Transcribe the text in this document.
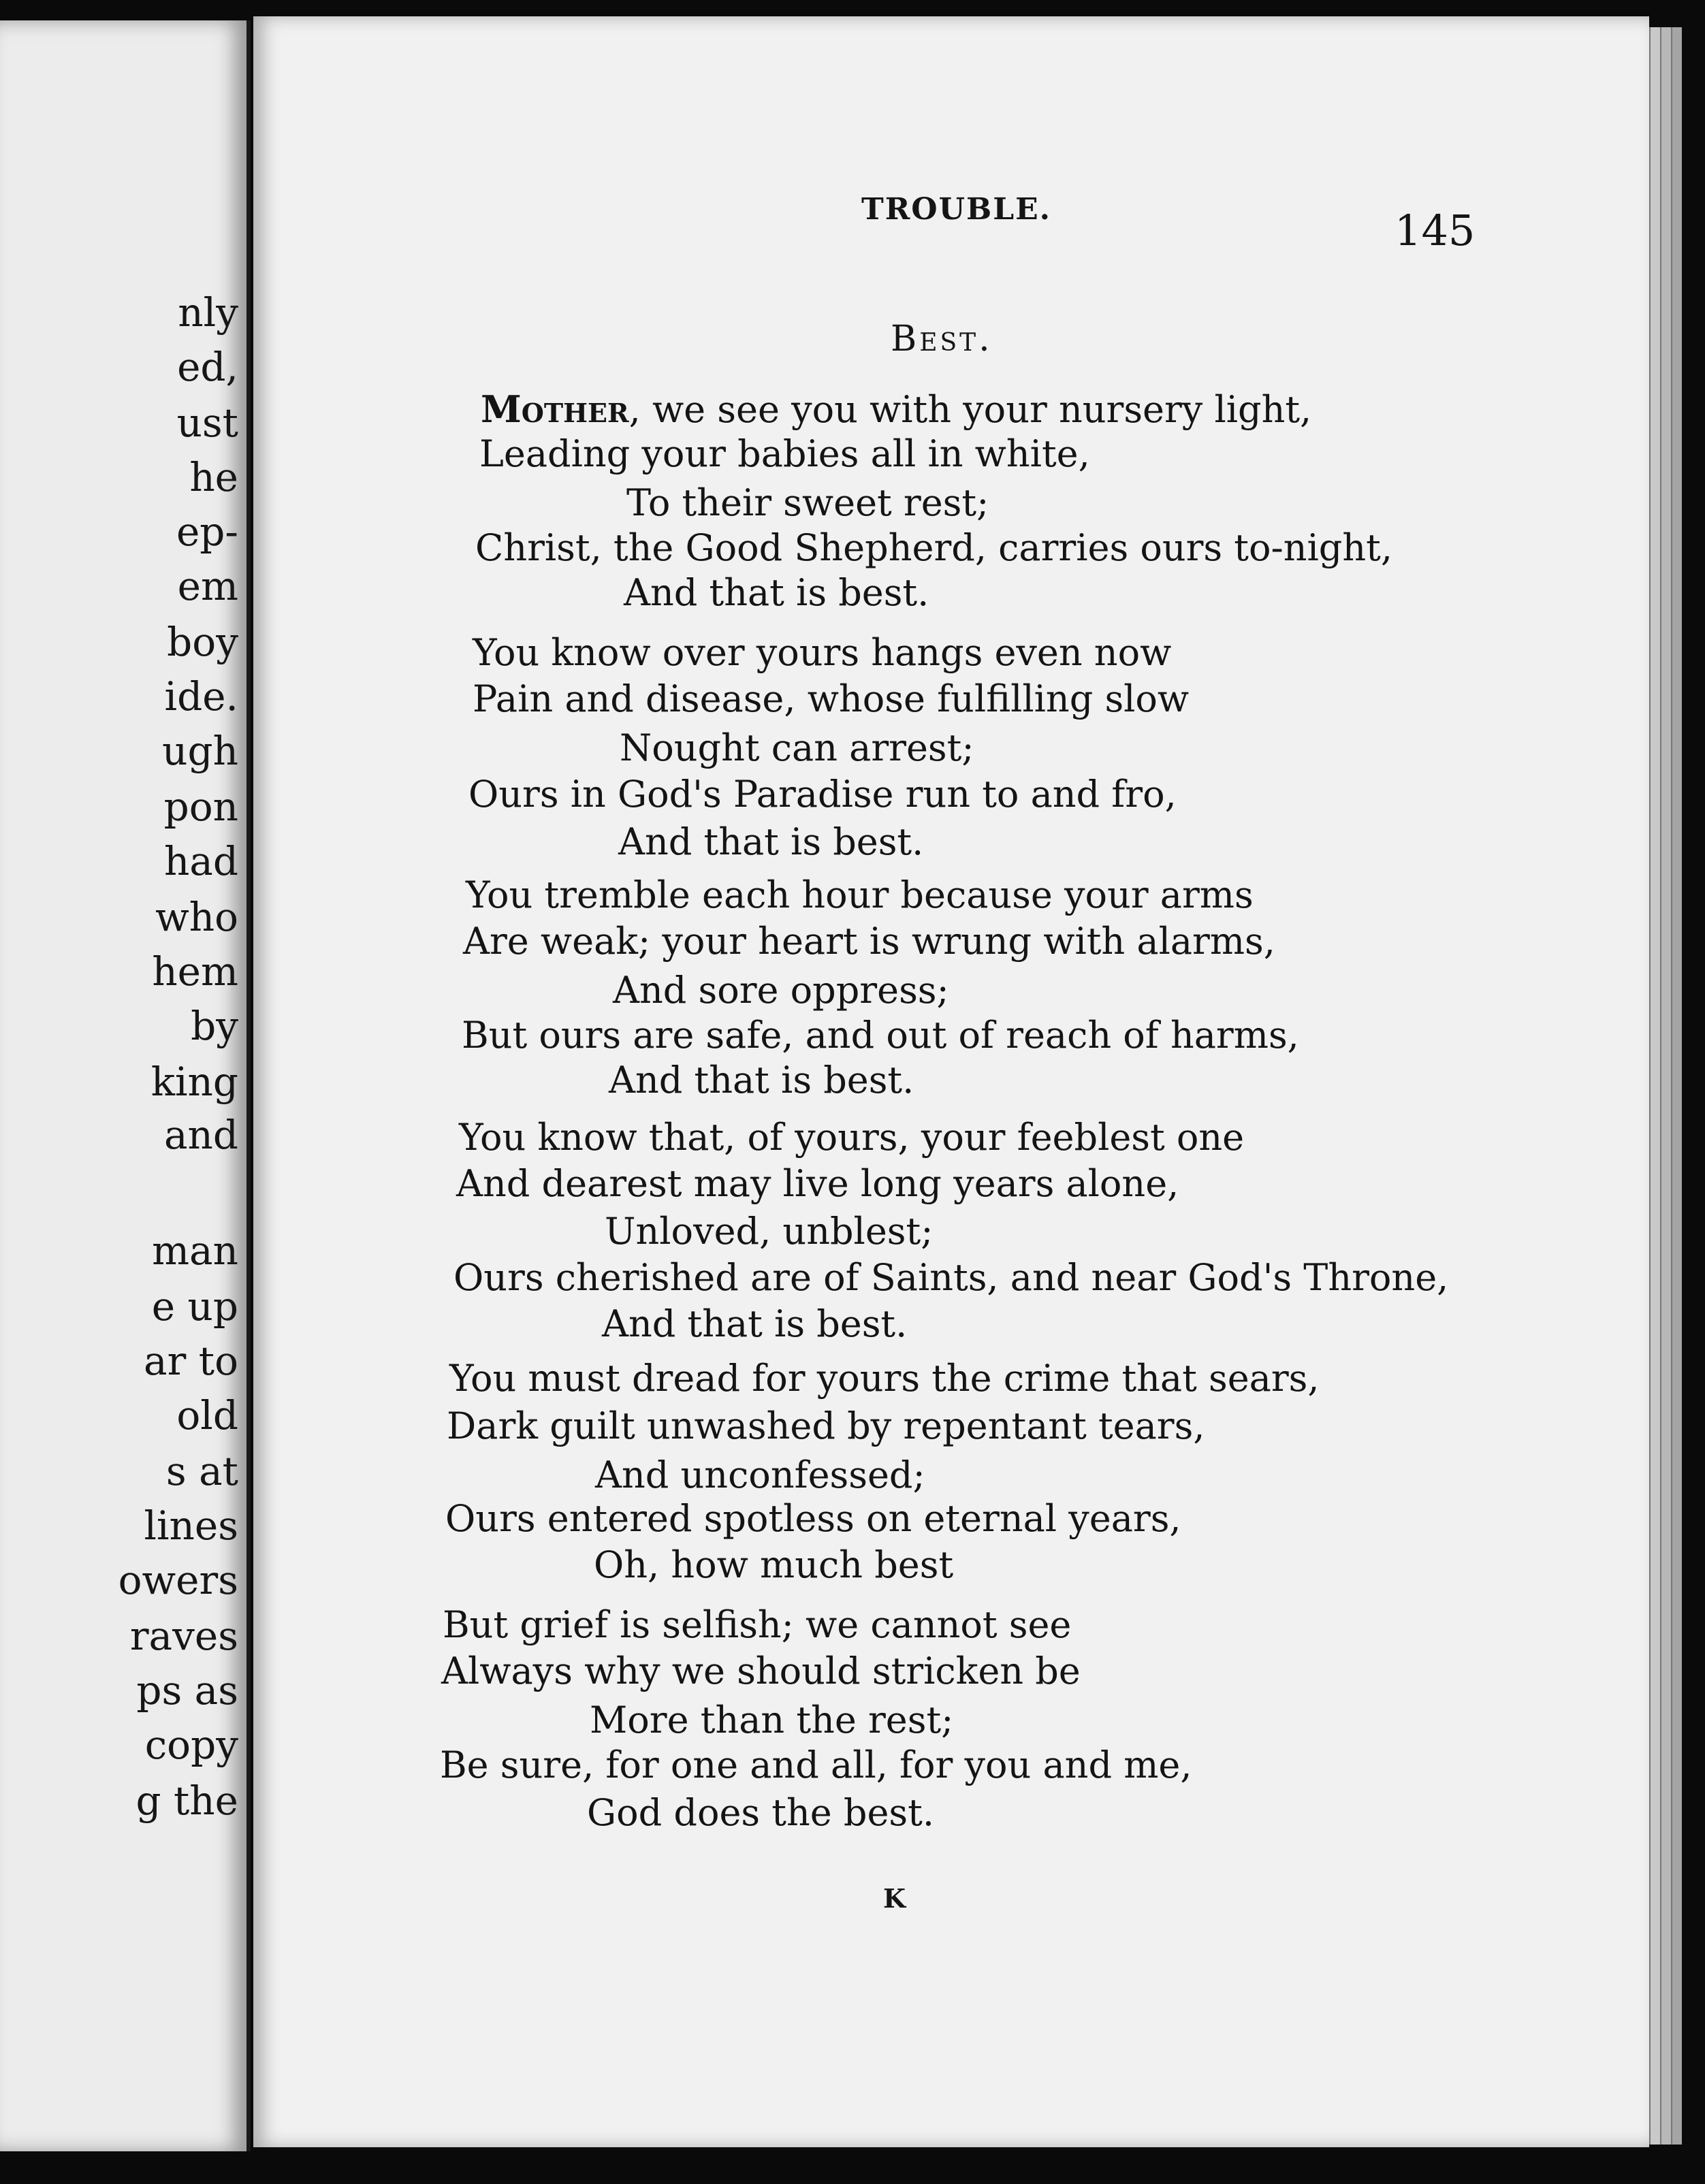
nly

ed,

ust

he

ep-

em

boy

ide.

ugh

pon

had

who

hem

by

king

and

man

e up

ar to

old

s at

lines

owers

raves

ps as

copy

g the

TROUBLE.	145

Best.

Mother, we see you with your nursery light,

Leading your babies all in white,

To their sweet rest;

Christ, the Good Shepherd, carries ours to-night,

And that is best.

You know over yours hangs even now

Pain and disease, whose fulfilling slow

Nought can arrest;

Ours in God's Paradise run to and fro,

And that is best.

You tremble each hour because your arms

Are weak; your heart is wrung with alarms,

And sore oppress;

But ours are safe, and out of reach of harms,

And that is best.

You know that, of yours, your feeblest one

And dearest may live long years alone,

Unloved, unblest;

Ours cherished are of Saints, and near God's Throne,

And that is best.

You must dread for yours the crime that sears,

Dark guilt unwashed by repentant tears,

And unconfessed;

Ours entered spotless on eternal years,

Oh, how much best

But grief is selfish; we cannot see

Always why we should stricken be

More than the rest;

Be sure, for one and all, for you and me,

God does the best.

K
